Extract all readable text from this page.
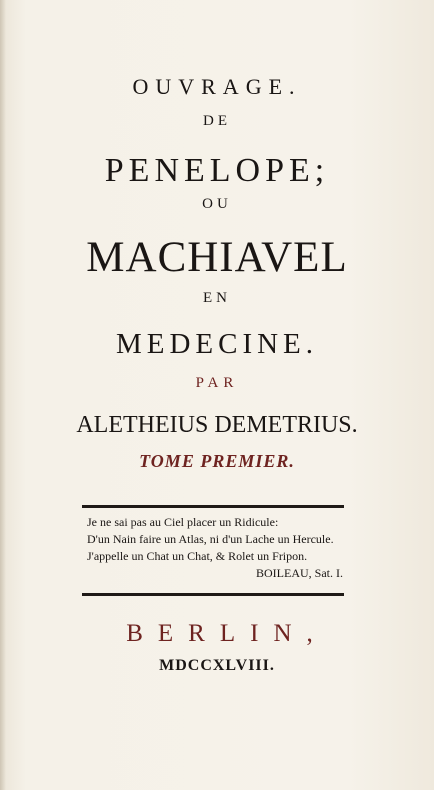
OUVRAGE.
DE
PENELOPE;
OU
MACHIAVEL
EN
MEDECINE.
PAR
ALETHEIUS DEMETRIUS.
TOME PREMIER.
Je ne sai pas au Ciel placer un Ridicule:
D'un Nain faire un Atlas, ni d'un Lache un Hercule.
J'appelle un Chat un Chat, & Rolet un Fripon.
BOILEAU, Sat. I.
BERLIN,
MDCCXLVIII.
